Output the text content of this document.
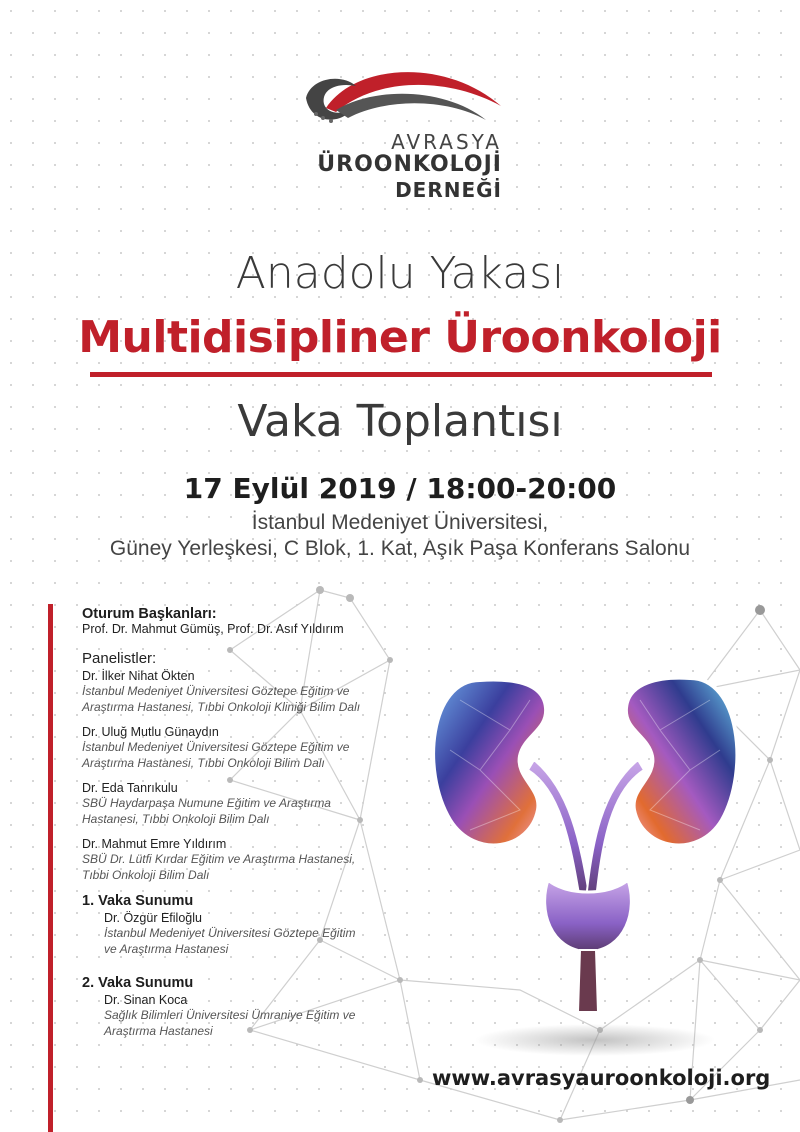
AVRASYA
ÜROONKOLOJİ
DERNEĞİ
Anadolu Yakası
Multidisipliner Üroonkoloji
Vaka Toplantısı
17 Eylül 2019 / 18:00-20:00
İstanbul Medeniyet Üniversitesi,
Güney Yerleşkesi, C Blok, 1. Kat, Aşık Paşa Konferans Salonu
Oturum Başkanları:
Prof. Dr. Mahmut Gümüş, Prof. Dr. Asıf Yıldırım
Panelistler:
Dr. İlker Nihat Ökten
İstanbul Medeniyet Üniversitesi Göztepe Eğitim ve
Araştırma Hastanesi, Tıbbi Onkoloji Kliniği Bilim Dalı
Dr. Uluğ Mutlu Günaydın
İstanbul Medeniyet Üniversitesi Göztepe Eğitim ve
Araştırma Hastanesi, Tıbbi Onkoloji Bilim Dalı
Dr. Eda Tanrıkulu
SBÜ Haydarpaşa Numune Eğitim ve Araştırma
Hastanesi, Tıbbi Onkoloji Bilim Dalı
Dr. Mahmut Emre Yıldırım
SBÜ Dr. Lütfi Kırdar Eğitim ve Araştırma Hastanesi,
Tıbbi Onkoloji Bilim Dalı
1. Vaka Sunumu
Dr. Özgür Efiloğlu
İstanbul Medeniyet Üniversitesi Göztepe Eğitim
ve Araştırma Hastanesi
2. Vaka Sunumu
Dr. Sinan Koca
Sağlık Bilimleri Üniversitesi Ümraniye Eğitim ve
Araştırma Hastanesi
www.avrasyauroonkoloji.org
